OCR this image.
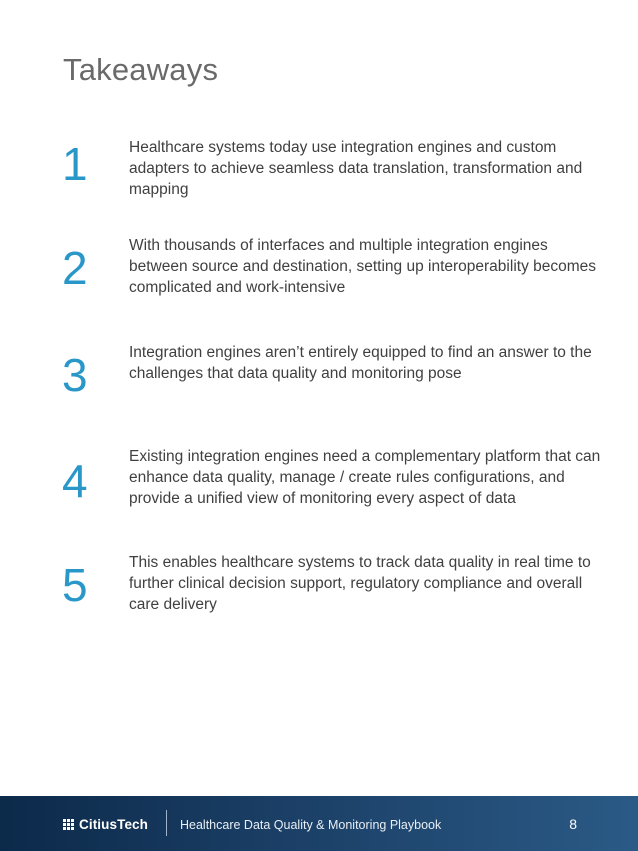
Takeaways
1	Healthcare systems today use integration engines and custom adapters to achieve seamless data translation, transformation and mapping

2	With thousands of interfaces and multiple integration engines between source and destination, setting up interoperability becomes complicated and work-intensive

3	Integration engines aren’t entirely equipped to find an answer to the challenges that data quality and monitoring pose

4	Existing integration engines need a complementary platform that can enhance data quality, manage / create rules configurations, and provide a unified view of monitoring every aspect of data

5	This enables healthcare systems to track data quality in real time to further clinical decision support, regulatory compliance and overall care delivery

CitiusTech	Healthcare Data Quality & Monitoring Playbook	8
